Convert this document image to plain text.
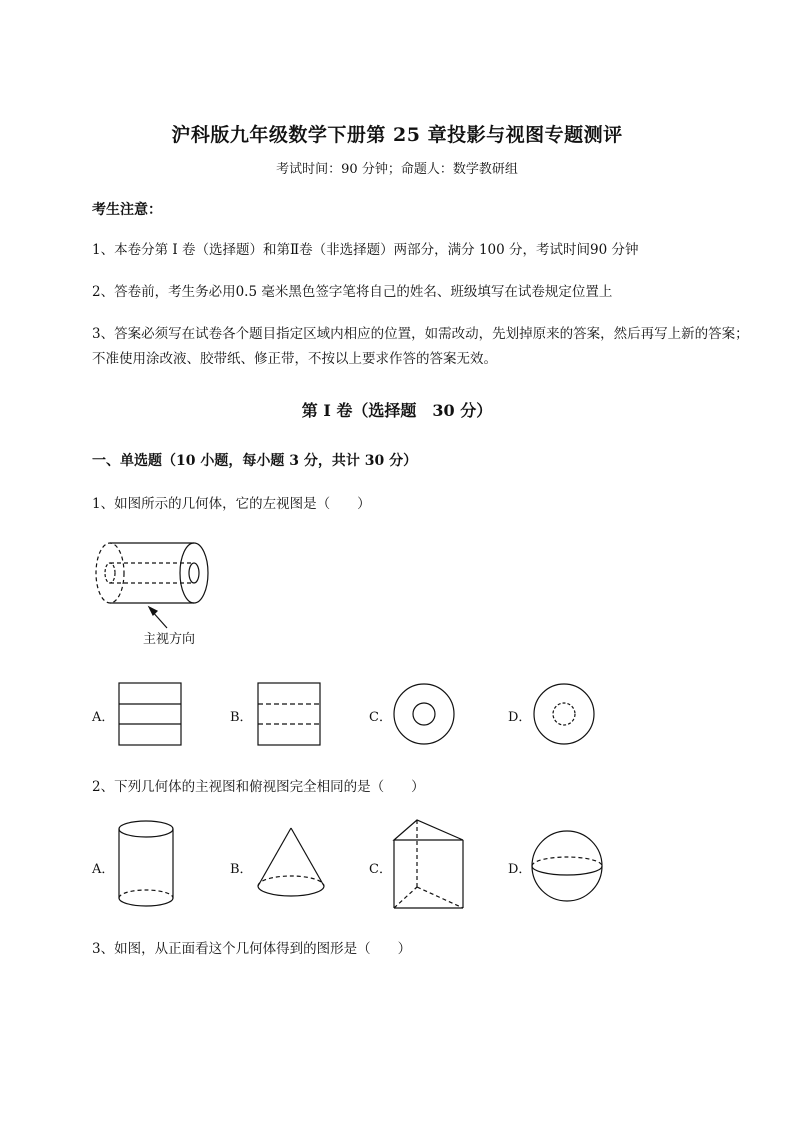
沪科版九年级数学下册第 25 章投影与视图专题测评
考试时间：90 分钟；命题人：数学教研组
考生注意：
1、本卷分第 I 卷（选择题）和第Ⅱ卷（非选择题）两部分，满分 100 分，考试时间90 分钟
2、答卷前，考生务必用0.5 毫米黑色签字笔将自己的姓名、班级填写在试卷规定位置上
3、答案必须写在试卷各个题目指定区域内相应的位置，如需改动，先划掉原来的答案，然后再写上新的答案；不准使用涂改液、胶带纸、修正带，不按以上要求作答的答案无效。
第 I 卷（选择题　30 分）
一、单选题（10 小题，每小题 3 分，共计 30 分）
1、如图所示的几何体，它的左视图是（　　）
主视方向
A．	B．	C．	D．
2、下列几何体的主视图和俯视图完全相同的是（　　）
A．	B．	C．	D．
3、如图，从正面看这个几何体得到的图形是（　　）
